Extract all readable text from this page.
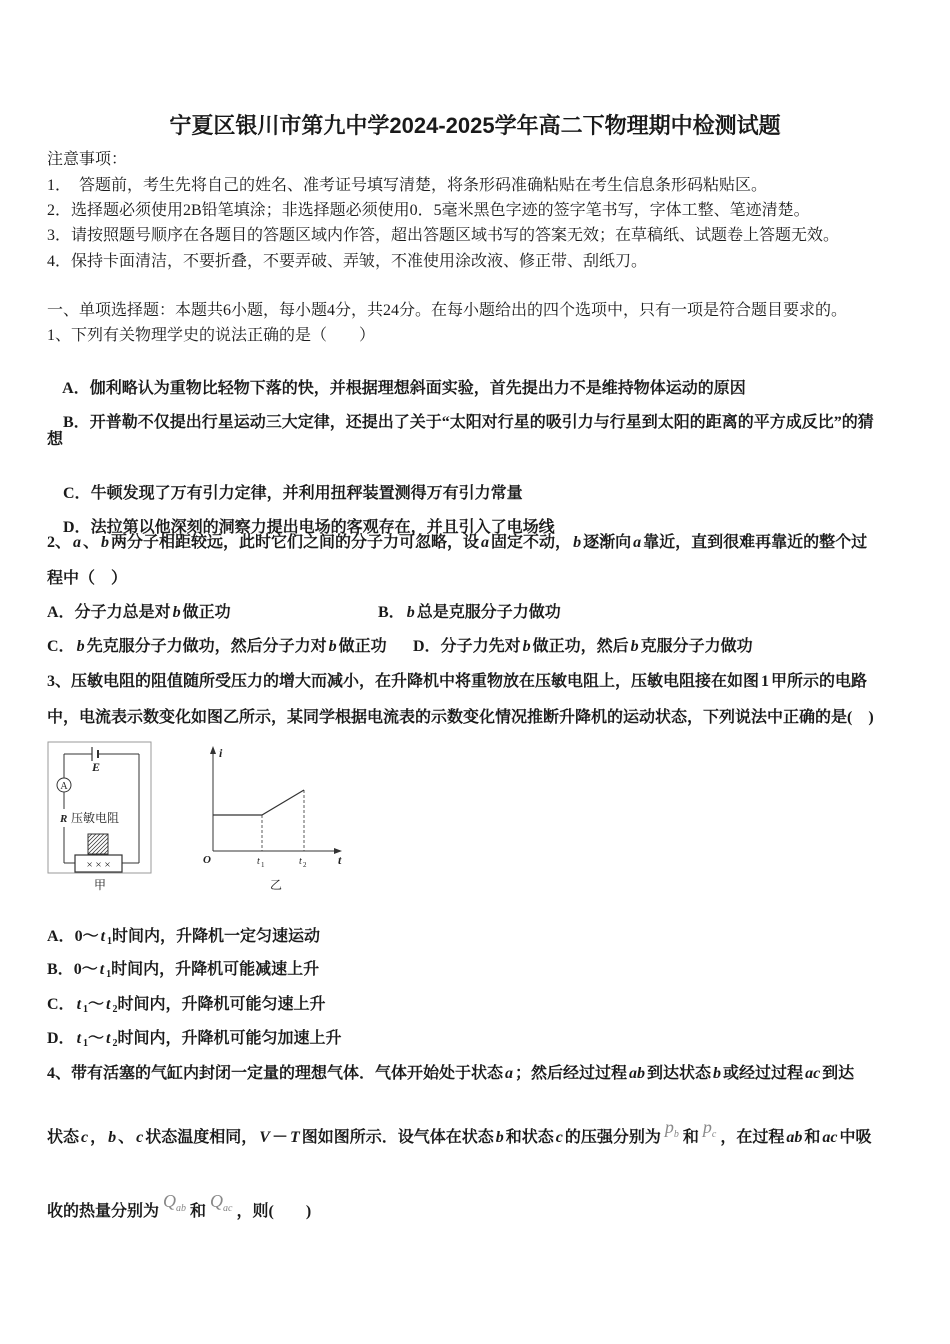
宁夏区银川市第九中学2024-2025学年高二下物理期中检测试题
注意事项：
1．  答题前，考生先将自己的姓名、准考证号填写清楚，将条形码准确粘贴在考生信息条形码粘贴区。
2．选择题必须使用2B铅笔填涂；非选择题必须使用0．5毫米黑色字迹的签字笔书写，字体工整、笔迹清楚。
3．请按照题号顺序在各题目的答题区域内作答，超出答题区域书写的答案无效；在草稿纸、试题卷上答题无效。
4．保持卡面清洁，不要折叠，不要弄破、弄皱，不准使用涂改液、修正带、刮纸刀。
一、单项选择题：本题共6小题，每小题4分，共24分。在每小题给出的四个选项中，只有一项是符合题目要求的。
1、下列有关物理学史的说法正确的是（　　）

A．伽利略认为重物比轻物下落的快，并根据理想斜面实验，首先提出力不是维持物体运动的原因

B．开普勒不仅提出行星运动三大定律，还提出了关于“太阳对行星的吸引力与行星到太阳的距离的平方成反比”的猜

想

C．牛顿发现了万有引力定律，并利用扭秤装置测得万有引力常量

D．法拉第以他深刻的洞察力提出电场的客观存在，并且引入了电场线

2、 a 、 b 两分子相距较远，此时它们之间的分子力可忽略，设 a 固定不动， b 逐渐向 a 靠近，直到很难再靠近的整个过
程中（　）
A．分子力总是对 b 做正功	B． b 总是克服分子力做功
C． b 先克服分子力做功，然后分子力对 b 做正功 D．分子力先对 b 做正功，然后 b 克服分子力做功
3、压敏电阻的阻值随所受压力的增大而减小，在升降机中将重物放在压敏电阻上，压敏电阻接在如图 1 甲所示的电路
中，电流表示数变化如图乙所示，某同学根据电流表的示数变化情况推断升降机的运动状态，下列说法中正确的是(　)
E
A
R 压敏电阻
× × ×
甲
i
t
O	t 1	t 2
乙
A．0～ t $_1$时间内，升降机一定匀速运动
B．0～ t $_1$时间内，升降机可能减速上升
C． t $_1$～ t $_2$时间内，升降机可能匀速上升
D． t $_1$～ t $_2$时间内，升降机可能匀加速上升
4、带有活塞的气缸内封闭一定量的理想气体．气体开始处于状态 a ；然后经过过程 ab 到达状态 b 或经过过程 ac 到达
状态 c ， b 、 c 状态温度相同， V － T 图如图所示．设气体在状态 b 和状态 c 的压强分别为$p_b$ 和$p_c$ ，在过程 ab 和 ac 中吸
收的热量分别为$Q_{ab}$ 和$Q_{ac}$ ，则(　　)
